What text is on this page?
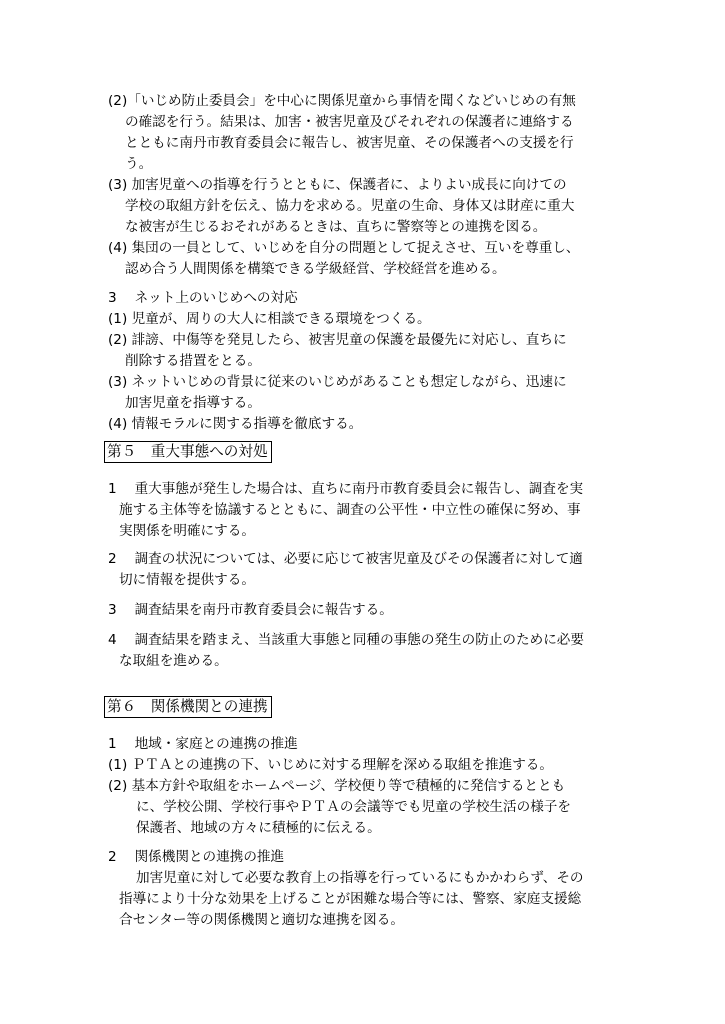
(2)「いじめ防止委員会」を中心に関係児童から事情を聞くなどいじめの有無
の確認を行う。結果は、加害・被害児童及びそれぞれの保護者に連絡する
とともに南丹市教育委員会に報告し、被害児童、その保護者への支援を行
う。
(3) 加害児童への指導を行うとともに、保護者に、よりよい成長に向けての
学校の取組方針を伝え、協力を求める。児童の生命、身体又は財産に重大
な被害が生じるおそれがあるときは、直ちに警察等との連携を図る。
(4) 集団の一員として、いじめを自分の問題として捉えさせ、互いを尊重し、
認め合う人間関係を構築できる学級経営、学校経営を進める。
3　 ネット上のいじめへの対応
(1) 児童が、周りの大人に相談できる環境をつくる。
(2) 誹謗、中傷等を発見したら、被害児童の保護を最優先に対応し、直ちに
削除する措置をとる。
(3) ネットいじめの背景に従来のいじめがあることも想定しながら、迅速に
加害児童を指導する。
(4) 情報モラルに関する指導を徹底する。
第５　重大事態への対処
1　 重大事態が発生した場合は、直ちに南丹市教育委員会に報告し、調査を実
施する主体等を協議するとともに、調査の公平性・中立性の確保に努め、事
実関係を明確にする。
2　 調査の状況については、必要に応じて被害児童及びその保護者に対して適
切に情報を提供する。
3　 調査結果を南丹市教育委員会に報告する。
4　 調査結果を踏まえ、当該重大事態と同種の事態の発生の防止のために必要
な取組を進める。
第６　関係機関との連携
1　 地域・家庭との連携の推進
(1) ＰＴＡとの連携の下、いじめに対する理解を深める取組を推進する。
(2) 基本方針や取組をホームページ、学校便り等で積極的に発信するととも
に、学校公開、学校行事やＰＴＡの会議等でも児童の学校生活の様子を
保護者、地域の方々に積極的に伝える。
2　 関係機関との連携の推進
加害児童に対して必要な教育上の指導を行っているにもかかわらず、その
指導により十分な効果を上げることが困難な場合等には、警察、家庭支援総
合センター等の関係機関と適切な連携を図る。
